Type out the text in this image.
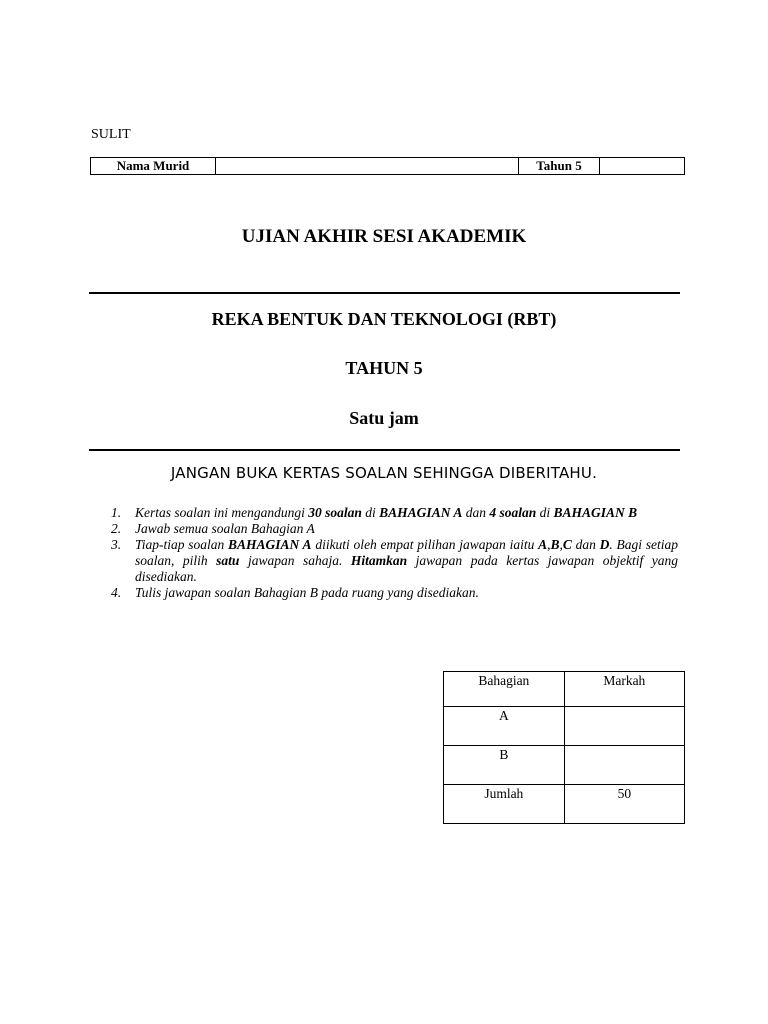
SULIT
Nama Murid		Tahun 5	
UJIAN AKHIR SESI AKADEMIK
REKA BENTUK DAN TEKNOLOGI (RBT)
TAHUN 5
Satu jam
JANGAN BUKA KERTAS SOALAN SEHINGGA DIBERITAHU.
1. Kertas soalan ini mengandungi 30 soalan di BAHAGIAN A dan 4 soalan di BAHAGIAN B
2. Jawab semua soalan Bahagian A
3. Tiap-tiap soalan BAHAGIAN A diikuti oleh empat pilihan jawapan iaitu A,B,C dan D. Bagi setiap soalan, pilih satu jawapan sahaja. Hitamkan jawapan pada kertas jawapan objektif yang disediakan.
4. Tulis jawapan soalan Bahagian B pada ruang yang disediakan.
Bahagian	Markah
A	
B	
Jumlah	50
